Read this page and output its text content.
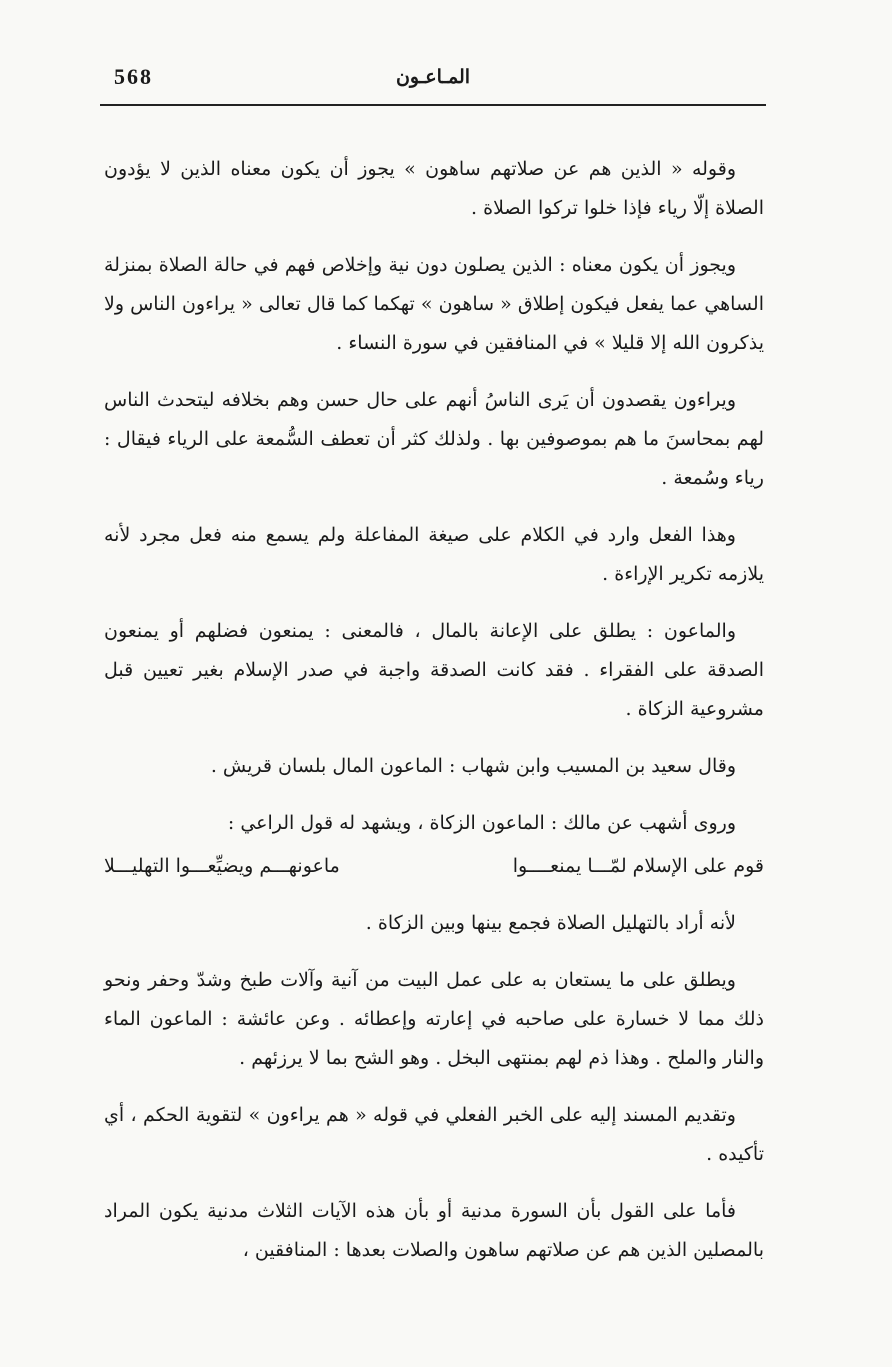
568	المـاعـون

وقوله « الذين هم عن صلاتهم ساهون » يجوز أن يكون معناه الذين لا يؤدون الصلاة إلّا رياء فإذا خلوا تركوا الصلاة .

ويجوز أن يكون معناه : الذين يصلون دون نية وإخلاص فهم في حالة الصلاة بمنزلة الساهي عما يفعل فيكون إطلاق « ساهون » تهكما كما قال تعالى « يراءون الناس ولا يذكرون الله إلا قليلا » في المنافقين في سورة النساء .

ويراءون يقصدون أن يَرى الناسُ أنهم على حال حسن وهم بخلافه ليتحدث الناس لهم بمحاسنَ ما هم بموصوفين بها . ولذلك كثر أن تعطف السُّمعة على الرياء فيقال : رياء وسُمعة .

وهذا الفعل وارد في الكلام على صيغة المفاعلة ولم يسمع منه فعل مجرد لأنه يلازمه تكرير الإراءة .

والماعون : يطلق على الإعانة بالمال ، فالمعنى : يمنعون فضلهم أو يمنعون الصدقة على الفقراء . فقد كانت الصدقة واجبة في صدر الإسلام بغير تعيين قبل مشروعية الزكاة .

وقال سعيد بن المسيب وابن شهاب : الماعون المال بلسان قريش .

وروى أشهب عن مالك : الماعون الزكاة ، ويشهد له قول الراعي :

قوم على الإسلام لمّـــا يمنعــــوا
ماعونهـــم ويضيِّعـــوا التهليـــلا

لأنه أراد بالتهليل الصلاة فجمع بينها وبين الزكاة .

ويطلق على ما يستعان به على عمل البيت من آنية وآلات طبخ وشدّ وحفر ونحو ذلك مما لا خسارة على صاحبه في إعارته وإعطائه . وعن عائشة : الماعون الماء والنار والملح . وهذا ذم لهم بمنتهى البخل . وهو الشح بما لا يرزئهم .

وتقديم المسند إليه على الخبر الفعلي في قوله « هم يراءون » لتقوية الحكم ، أي تأكيده .

فأما على القول بأن السورة مدنية أو بأن هذه الآيات الثلاث مدنية يكون المراد بالمصلين الذين هم عن صلاتهم ساهون والصلات بعدها : المنافقين ،
